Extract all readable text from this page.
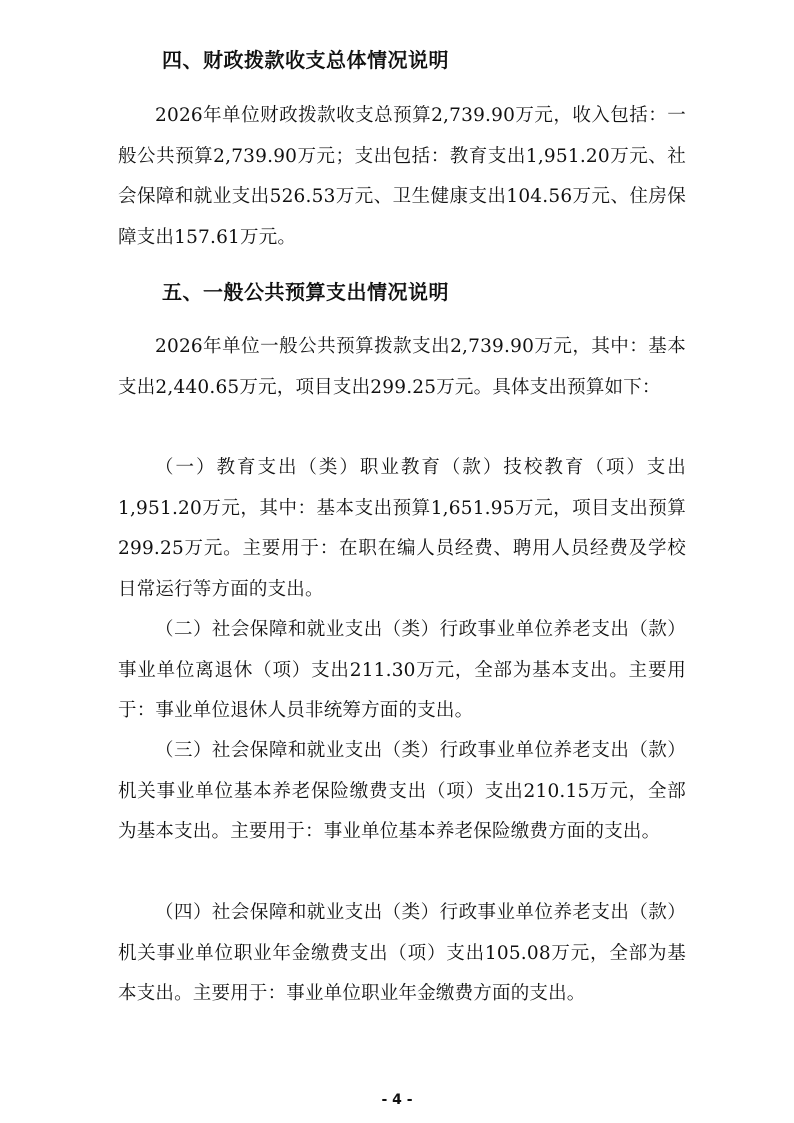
四、财政拨款收支总体情况说明

2026年单位财政拨款收支总预算2,739.90万元，收入包括：一般公共预算2,739.90万元；支出包括：教育支出1,951.20万元、社会保障和就业支出526.53万元、卫生健康支出104.56万元、住房保障支出157.61万元。

五、一般公共预算支出情况说明

2026年单位一般公共预算拨款支出2,739.90万元，其中：基本支出2,440.65万元，项目支出299.25万元。具体支出预算如下：

（一）教育支出（类）职业教育（款）技校教育（项）支出1,951.20万元，其中：基本支出预算1,651.95万元，项目支出预算299.25万元。主要用于：在职在编人员经费、聘用人员经费及学校日常运行等方面的支出。

（二）社会保障和就业支出（类）行政事业单位养老支出（款）事业单位离退休（项）支出211.30万元，全部为基本支出。主要用于：事业单位退休人员非统筹方面的支出。

（三）社会保障和就业支出（类）行政事业单位养老支出（款）机关事业单位基本养老保险缴费支出（项）支出210.15万元，全部为基本支出。主要用于：事业单位基本养老保险缴费方面的支出。

（四）社会保障和就业支出（类）行政事业单位养老支出（款）机关事业单位职业年金缴费支出（项）支出105.08万元，全部为基本支出。主要用于：事业单位职业年金缴费方面的支出。

- 4 -
